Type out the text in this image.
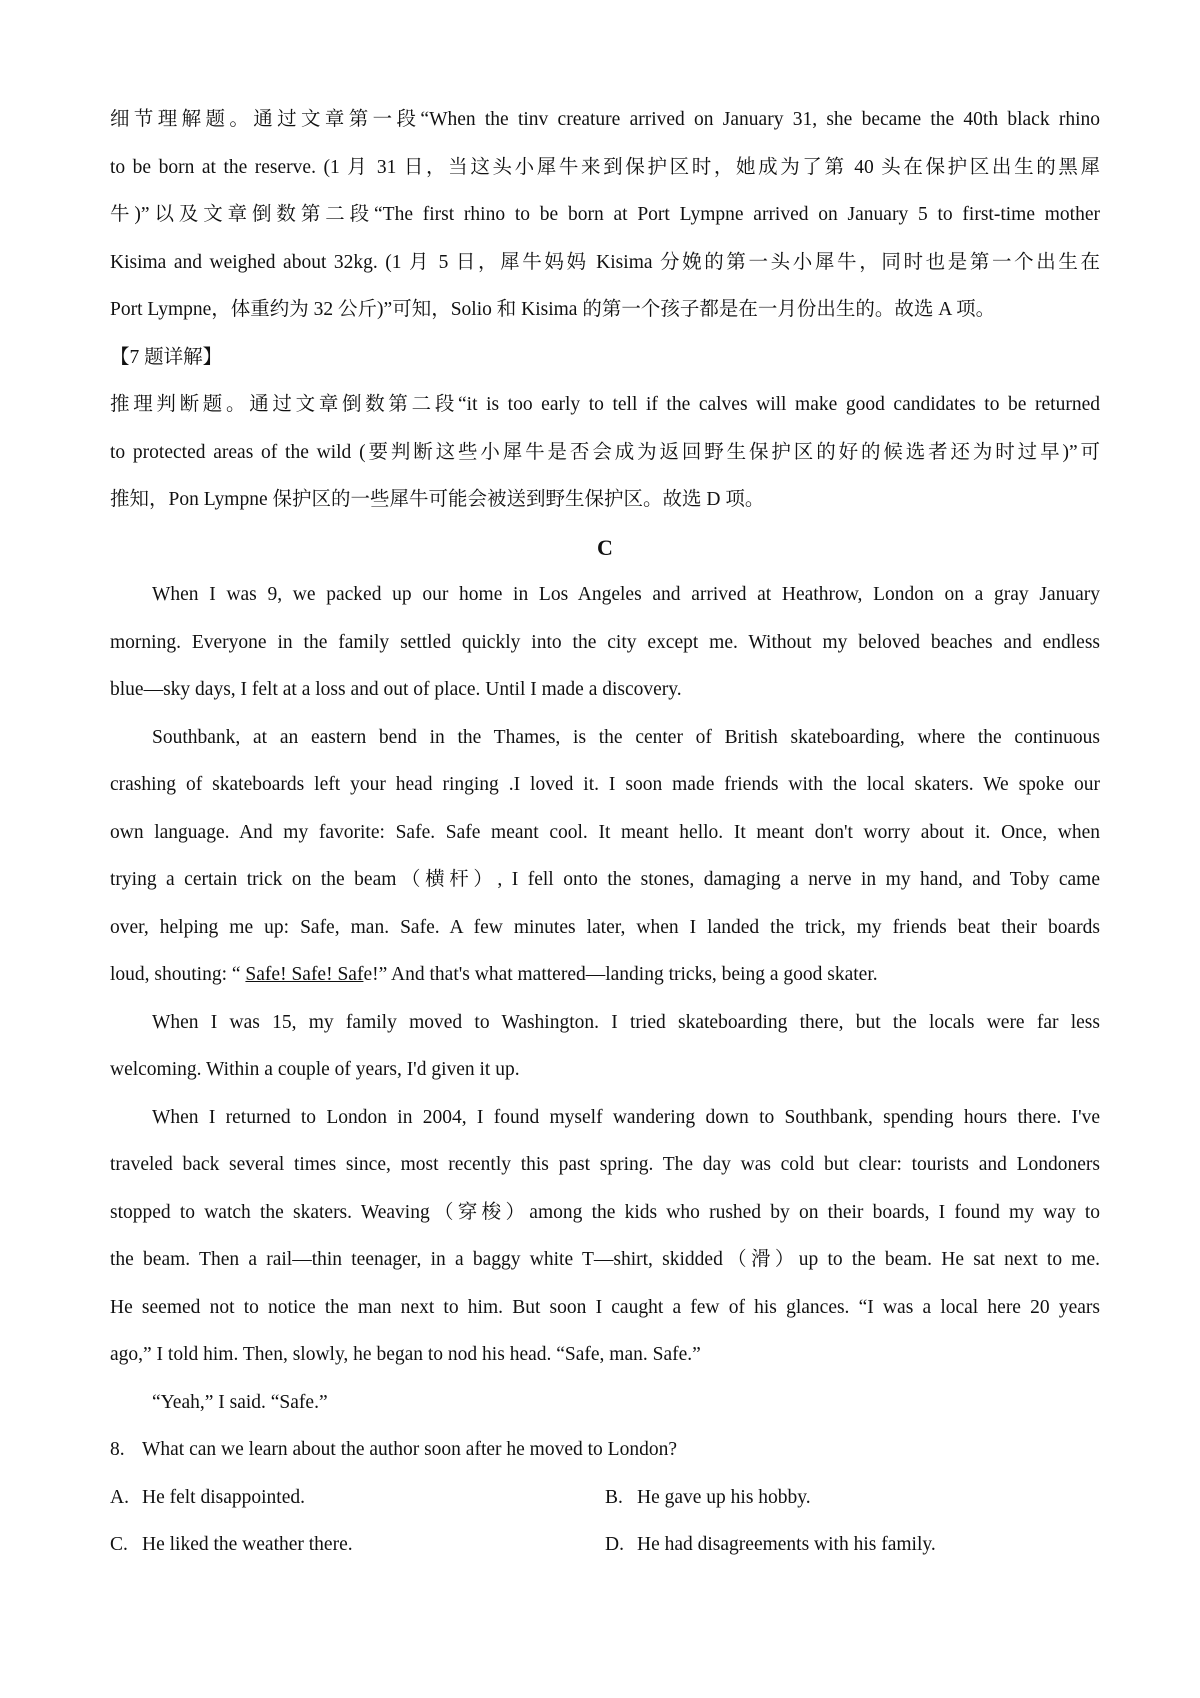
细节理解题。通过文章第一段“When the tinv creature arrived on January 31, she became the 40th black rhino

to be born at the reserve. (1 月 31 日，当这头小犀牛来到保护区时，她成为了第 40 头在保护区出生的黑犀

牛)”以及文章倒数第二段“The first rhino to be born at Port Lympne arrived on January 5 to first-time mother

Kisima and weighed about 32kg. (1 月 5 日，犀牛妈妈 Kisima 分娩的第一头小犀牛，同时也是第一个出生在

Port Lympne，体重约为 32 公斤)”可知，Solio 和 Kisima 的第一个孩子都是在一月份出生的。故选 A 项。

【7 题详解】

推理判断题。通过文章倒数第二段“it is too early to tell if the calves will make good candidates to be returned

to protected areas of the wild (要判断这些小犀牛是否会成为返回野生保护区的好的候选者还为时过早)”可

推知，Pon Lympne 保护区的一些犀牛可能会被送到野生保护区。故选 D 项。

C

When I was 9, we packed up our home in Los Angeles and arrived at Heathrow, London on a gray January

morning. Everyone in the family settled quickly into the city except me. Without my beloved beaches and endless

blue—sky days, I felt at a loss and out of place. Until I made a discovery.

Southbank, at an eastern bend in the Thames, is the center of British skateboarding, where the continuous

crashing of skateboards left your head ringing .I loved it. I soon made friends with the local skaters. We spoke our

own language. And my favorite: Safe. Safe meant cool. It meant hello. It meant don't worry about it. Once, when

trying a certain trick on the beam（横杆）, I fell onto the stones, damaging a nerve in my hand, and Toby came

over, helping me up: Safe, man. Safe. A few minutes later, when I landed the trick, my friends beat their boards

loud, shouting: “ Safe! Safe! Safe!” And that's what mattered—landing tricks, being a good skater.

When I was 15, my family moved to Washington. I tried skateboarding there, but the locals were far less

welcoming. Within a couple of years, I'd given it up.

When I returned to London in 2004, I found myself wandering down to Southbank, spending hours there. I've

traveled back several times since, most recently this past spring. The day was cold but clear: tourists and Londoners

stopped to watch the skaters. Weaving（穿梭）among the kids who rushed by on their boards, I found my way to

the beam. Then a rail—thin teenager, in a baggy white T—shirt, skidded（滑）up to the beam. He sat next to me.

He seemed not to notice the man next to him. But soon I caught a few of his glances. “I was a local here 20 years

ago,” I told him. Then, slowly, he began to nod his head. “Safe, man. Safe.”

“Yeah,” I said. “Safe.”

8. What can we learn about the author soon after he moved to London?
A. He felt disappointed.	B. He gave up his hobby.
C. He liked the weather there.	D. He had disagreements with his family.
